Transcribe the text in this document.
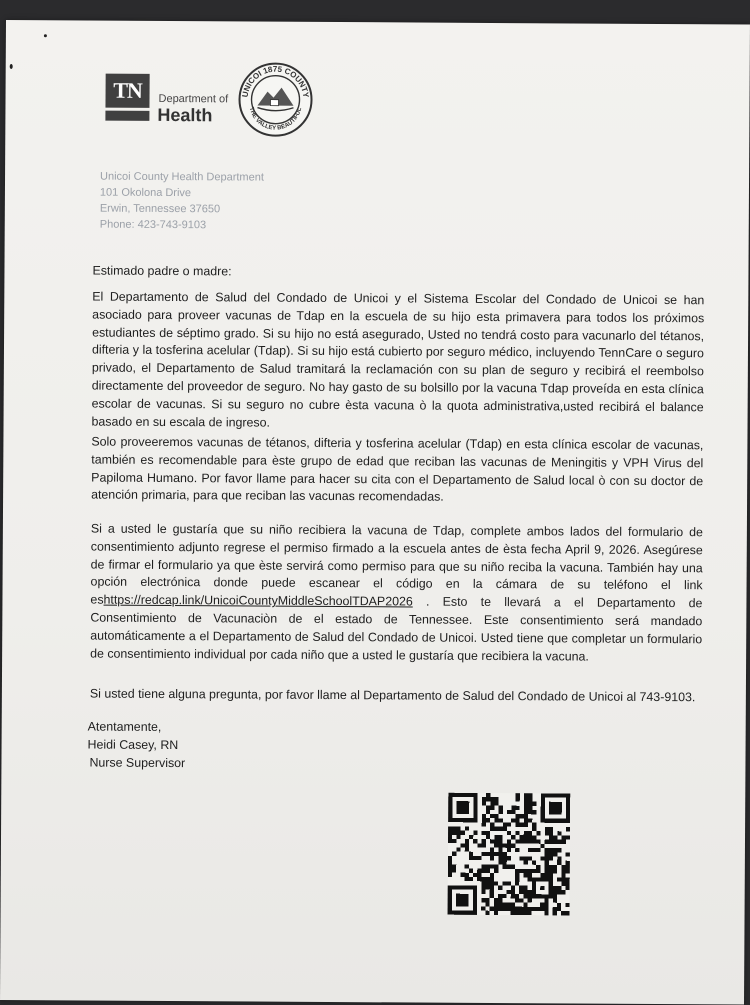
TN Department of
Health
UNICOI 1875 COUNTY
THE VALLEY BEAUTIFUL
Unicoi County Health Department
101 Okolona Drive
Erwin, Tennessee 37650
Phone: 423-743-9103
Estimado padre o madre:
El Departamento de Salud del Condado de Unicoi y el Sistema Escolar del Condado de Unicoi se han asociado para proveer vacunas de Tdap en la escuela de su hijo esta primavera para todos los próximos estudiantes de séptimo grado. Si su hijo no está asegurado, Usted no tendrá costo para vacunarlo del tétanos, difteria y la tosferina acelular (Tdap). Si su hijo está cubierto por seguro médico, incluyendo TennCare o seguro privado, el Departamento de Salud tramitará la reclamación con su plan de seguro y recibirá el reembolso directamente del proveedor de seguro. No hay gasto de su bolsillo por la vacuna Tdap proveída en esta clínica escolar de vacunas. Si su seguro no cubre èsta vacuna ò la quota administrativa,usted recibirá el balance basado en su escala de ingreso.
Solo proveeremos vacunas de tétanos, difteria y tosferina acelular (Tdap) en esta clínica escolar de vacunas, también es recomendable para èste grupo de edad que reciban las vacunas de Meningitis y VPH Virus del Papiloma Humano. Por favor llame para hacer su cita con el Departamento de Salud local ò con su doctor de atención primaria, para que reciban las vacunas recomendadas.
Si a usted le gustaría que su niño recibiera la vacuna de Tdap, complete ambos lados del formulario de consentimiento adjunto regrese el permiso firmado a la escuela antes de èsta fecha April 9, 2026. Asegúrese de firmar el formulario ya que èste servirá como permiso para que su niño reciba la vacuna. También hay una opción electrónica donde puede escanear el código en la cámara de su teléfono el link eshttps://redcap.link/UnicoiCountyMiddleSchoolTDAP2026 . Esto te llevará a el Departamento de Consentimiento de Vacunaciòn de el estado de Tennessee. Este consentimiento será mandado automáticamente a el Departamento de Salud del Condado de Unicoi. Usted tiene que completar un formulario de consentimiento individual por cada niño que a usted le gustaría que recibiera la vacuna.
Si usted tiene alguna pregunta, por favor llame al Departamento de Salud del Condado de Unicoi al 743-9103.
Atentamente,
Heidi Casey, RN
Nurse Supervisor
